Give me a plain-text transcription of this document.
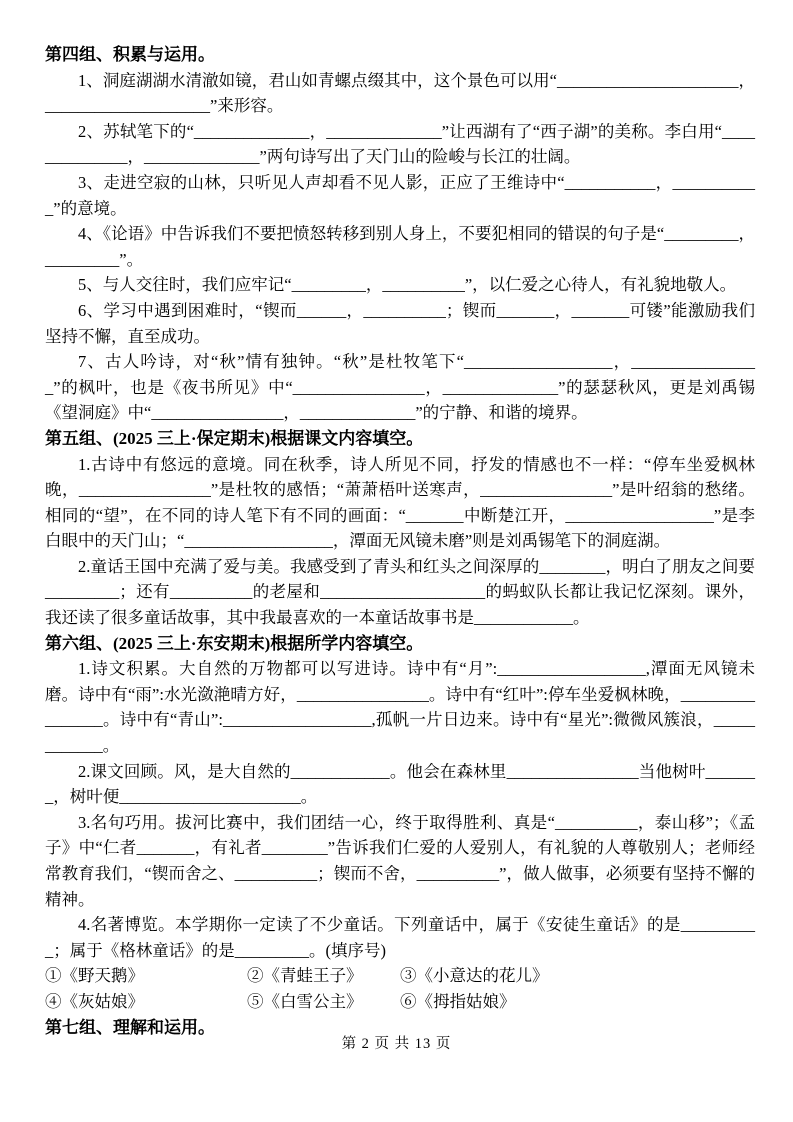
第四组、积累与运用。

1、洞庭湖湖水清澈如镜，君山如青螺点缀其中，这个景色可以用“______________________，____________________”来形容。

2、苏轼笔下的“______________，______________”让西湖有了“西子湖”的美称。李白用“______________，______________”两句诗写出了天门山的险峻与长江的壮阔。

3、走进空寂的山林，只听见人声却看不见人影，正应了王维诗中“___________，___________”的意境。

4、《论语》中告诉我们不要把愤怒转移到别人身上，不要犯相同的错误的句子是“_________，_________”。

5、与人交往时，我们应牢记“_________，__________”，以仁爱之心待人，有礼貌地敬人。

6、学习中遇到困难时，“锲而______，__________；锲而_______，_______可镂”能激励我们坚持不懈，直至成功。

7、古人吟诗，对“秋”情有独钟。“秋”是杜牧笔下“__________________，________________”的枫叶，也是《夜书所见》中“________________，______________”的瑟瑟秋风，更是刘禹锡《望洞庭》中“________________，______________”的宁静、和谐的境界。

第五组、(2025 三上·保定期末)根据课文内容填空。

1.古诗中有悠远的意境。同在秋季，诗人所见不同，抒发的情感也不一样：“停车坐爱枫林晚，________________”是杜牧的感悟；“萧萧梧叶送寒声，________________”是叶绍翁的愁绪。相同的“望”，在不同的诗人笔下有不同的画面：“_______中断楚江开，__________________”是李白眼中的天门山；“__________________，潭面无风镜未磨”则是刘禹锡笔下的洞庭湖。

2.童话王国中充满了爱与美。我感受到了青头和红头之间深厚的________，明白了朋友之间要_________；还有__________的老屋和____________________的蚂蚁队长都让我记忆深刻。课外，我还读了很多童话故事，其中我最喜欢的一本童话故事书是____________。

第六组、(2025 三上·东安期末)根据所学内容填空。

1.诗文积累。大自然的万物都可以写进诗。诗中有“月”:__________________,潭面无风镜未磨。诗中有“雨”:水光潋滟晴方好，________________。诗中有“红叶”:停车坐爱枫林晚，________________。诗中有“青山”:__________________,孤帆一片日边来。诗中有“星光”:微微风簇浪，____________。

2.课文回顾。风，是大自然的____________。他会在森林里________________当他树叶_______，树叶便______________________。

3.名句巧用。拔河比赛中，我们团结一心，终于取得胜利、真是“__________，泰山移”；《孟子》中“仁者_______，有礼者________”告诉我们仁爱的人爱别人，有礼貌的人尊敬别人；老师经常教育我们，“锲而舍之、__________；锲而不舍，__________”，做人做事，必须要有坚持不懈的精神。

4.名著博览。本学期你一定读了不少童话。下列童话中，属于《安徒生童话》的是__________；属于《格林童话》的是_________。(填序号)

①《野天鹅》	②《青蛙王子》	③《小意达的花儿》
④《灰姑娘》	⑤《白雪公主》	⑥《拇指姑娘》
第七组、理解和运用。
第 2 页 共 13 页
